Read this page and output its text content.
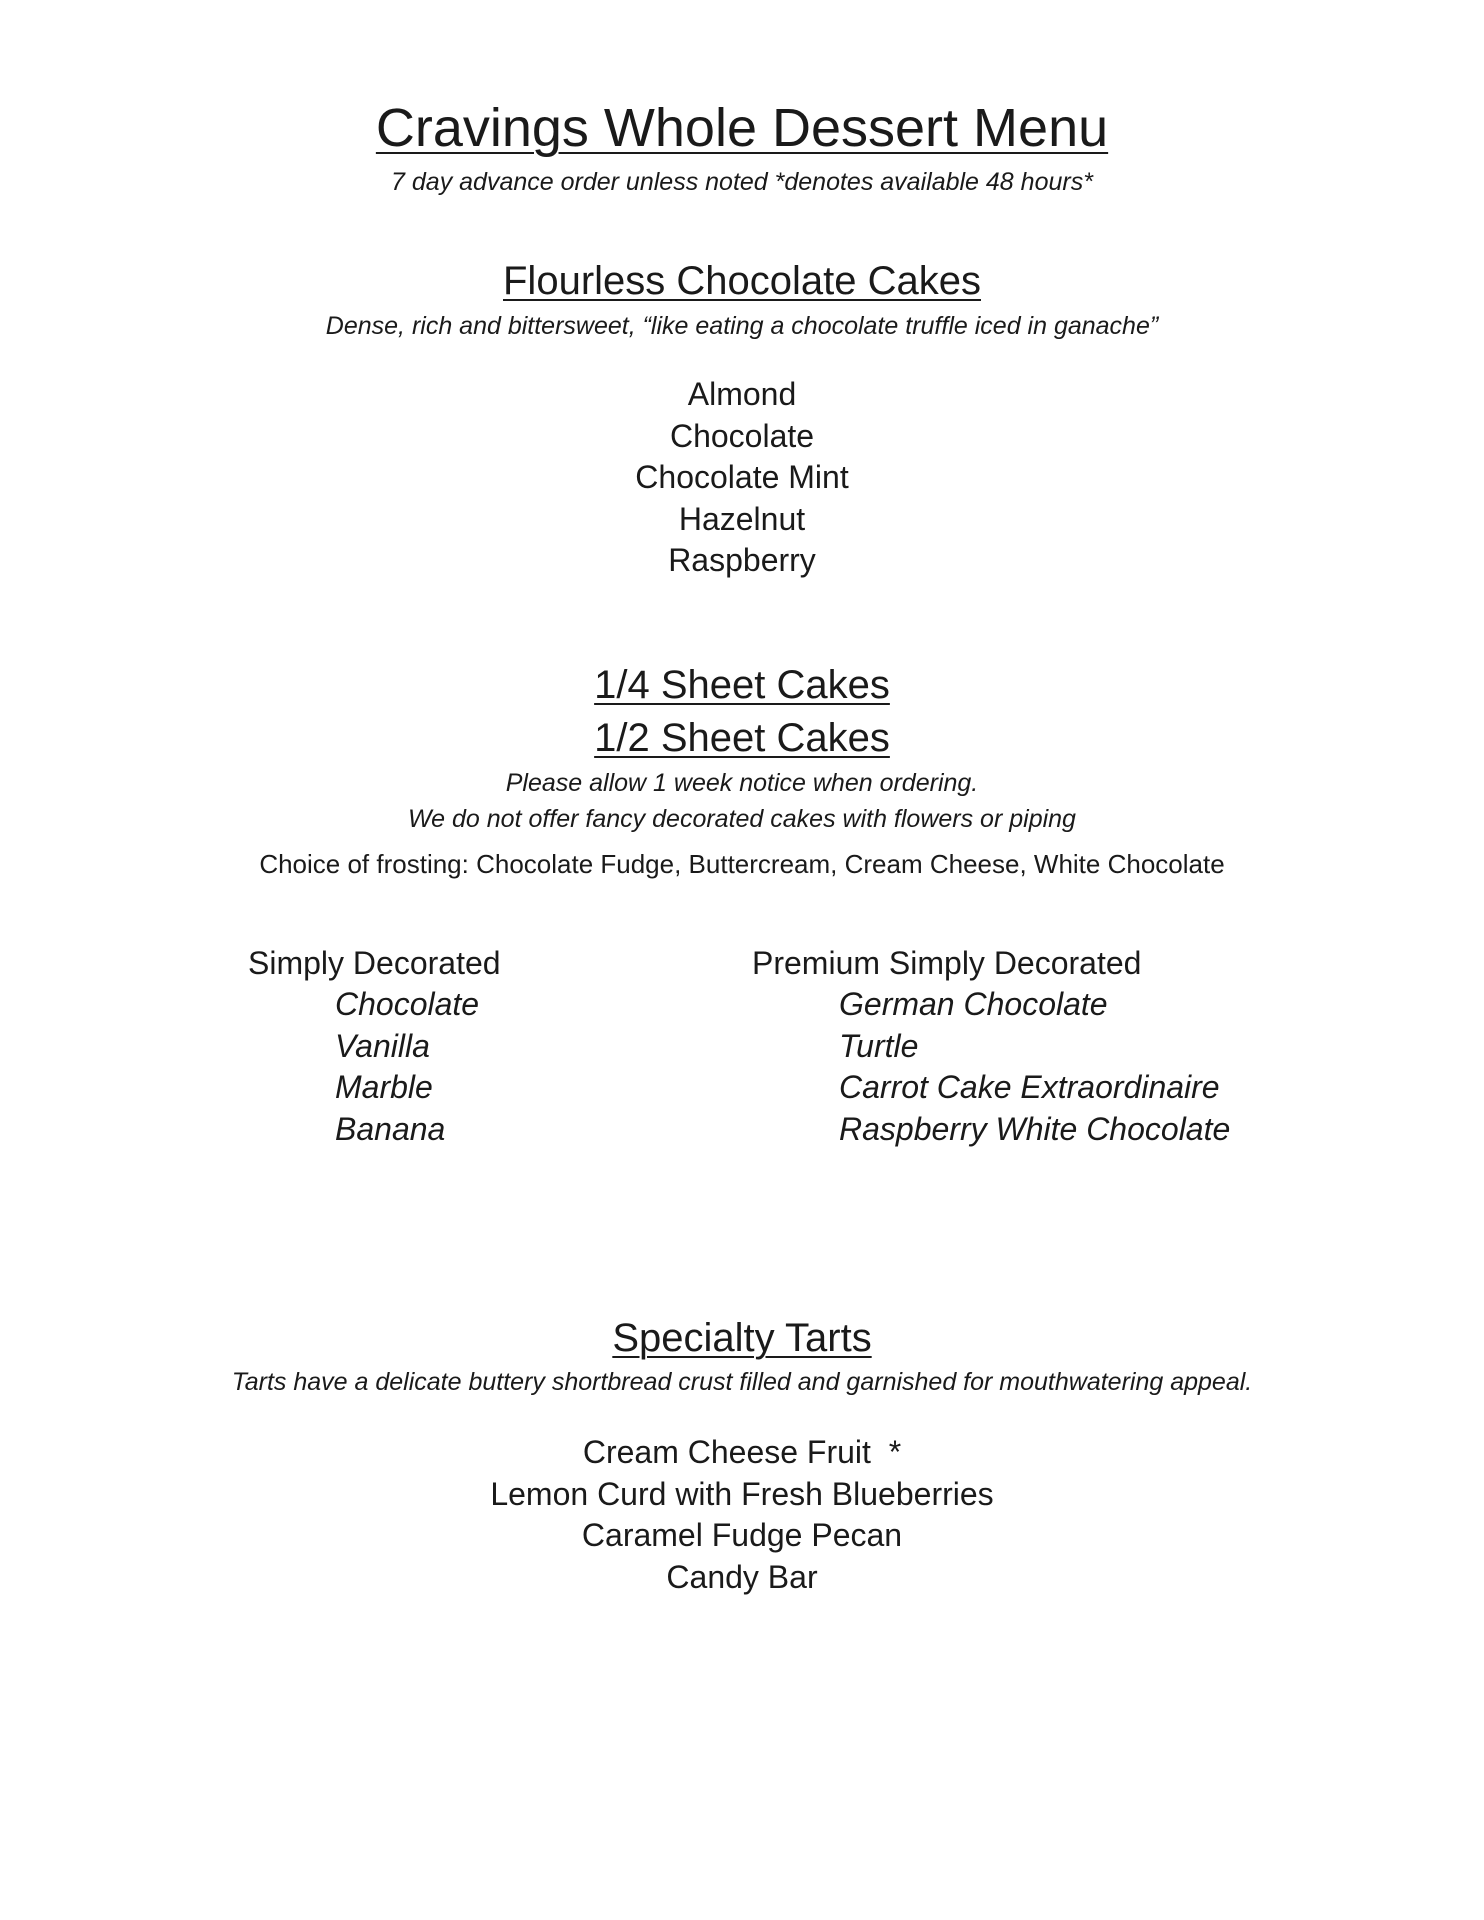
Cravings Whole Dessert Menu
7 day advance order unless noted *denotes available 48 hours*
Flourless Chocolate Cakes
Dense, rich and bittersweet, “like eating a chocolate truffle iced in ganache”
Almond
Chocolate
Chocolate Mint
Hazelnut
Raspberry
1/4 Sheet Cakes
1/2 Sheet Cakes
Please allow 1 week notice when ordering.
We do not offer fancy decorated cakes with flowers or piping
Choice of frosting: Chocolate Fudge, Buttercream, Cream Cheese, White Chocolate
Simply Decorated
Chocolate
Vanilla
Marble
Banana
Premium Simply Decorated
German Chocolate
Turtle
Carrot Cake Extraordinaire
Raspberry White Chocolate
Specialty Tarts
Tarts have a delicate buttery shortbread crust filled and garnished for mouthwatering appeal.
Cream Cheese Fruit  *
Lemon Curd with Fresh Blueberries
Caramel Fudge Pecan
Candy Bar
